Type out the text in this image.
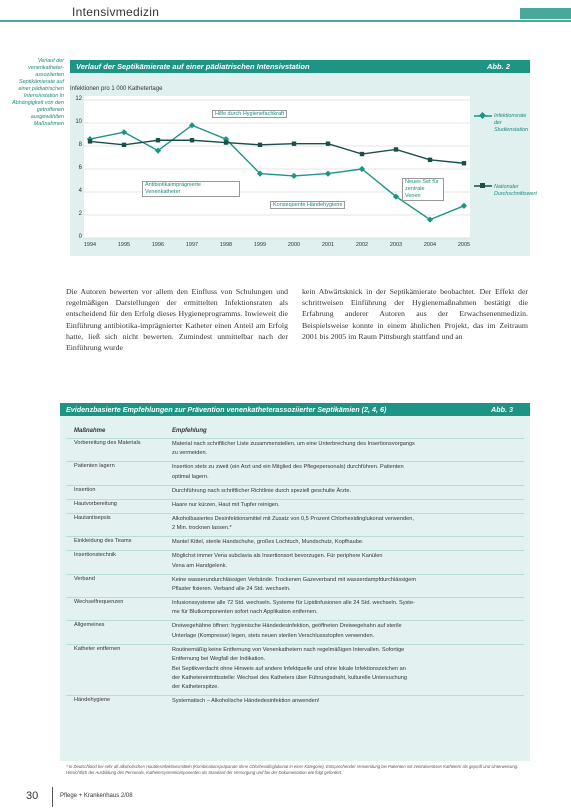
Intensivmedizin
Verlauf der venenkatheter-assoziierten Septikämierate auf einer pädiatrischen Intensivstation in Abhängigkeit von den getroffenen ausgewählten Maßnahmen
Verlauf der Septikämierate auf einer pädiatrischen Intensivstation	Abb. 2
Infektionen pro 1 000 Kathetertage
0
2
4
6
8
10
12
1994	1995	1996	1997	1998	1999	2000	2001	2002	2003	2004	2005
Hilfe durch Hygienefachkraft
Antibiotikaimprägnierte Venenkatheter
Neues Set für zentrale Venen
Konsequente Händehygiene
Infektionsrate der Studienstation
Nationaler Durchschnittswert
Die Autoren bewerten vor allem den Einfluss von Schulungen und regelmäßigen Darstellungen der ermittelten Infektionsraten als entscheidend für den Erfolg dieses Hygieneprogramms. Inwieweit die Einführung antibiotika-imprägnierter Katheter einen Anteil am Erfolg hatte, ließ sich nicht bewerten. Zumindest unmittelbar nach der Einführung wurde
kein Abwärtsknick in der Septikämierate beobachtet. Der Effekt der schrittweisen Einführung der Hygienemaßnahmen bestätigt die Erfahrung anderer Autoren aus der Erwachsenenmedizin. Beispielsweise konnte in einem ähnlichen Projekt, das im Zeitraum 2001 bis 2005 im Raum Pittsburgh stattfand und an
Evidenzbasierte Empfehlungen zur Prävention venenkatheterassoziierter Septikämien (2, 4, 6)	Abb. 3
Maßnahme	Empfehlung
Vorbereitung des Materials	Material nach schriftlicher Liste zusammenstellen, um eine Unterbrechung des Insertionsvorgangs
zu vermeiden.
Patienten lagern	Insertion stets zu zweit (ein Arzt und ein Mitglied des Pflegepersonals) durchführen. Patienten
optimal lagern.
Insertion	Durchführung nach schriftlicher Richtlinie durch speziell geschulte Ärzte.
Hautvorbereitung	Haare nur kürzen, Haut mit Tupfer reinigen.
Hautantisepsis	Alkoholbasiertes Desinfektionsmittel mit Zusatz von 0,5 Prozent Chlorhexidinglukonat verwenden,
2 Min. trocknen lassen.*
Einkleidung des Teams	Mantel Kittel, sterile Handschuhe, großes Lochtuch, Mundschutz, Kopfhaube.
Insertionstechnik	Möglichst immer Vena subclavia als Insertionsort bevorzugen. Für periphere Kanülen
Vena am Handgelenk.
Verband	Keine wasserundurchlässigen Verbände. Trockenen Gazeverband mit wasserdampfdurchlässigem
Pflaster fixieren. Verband alle 24 Std. wechseln.
Wechselfrequenzen	Infusionssysteme alle 72 Std. wechseln. Systeme für Lipidinfusionen alle 24 Std. wechseln. Syste-
me für Blutkomponenten sofort nach Applikation entfernen.
Allgemeines	Dreiwegehähne öffnen: hygienische Händedesinfektion, geöffneten Dreiwegehahn auf sterile
Unterlage (Kompresse) legen, stets neuen sterilen Verschlussstopfen verwenden.
Katheter entfernen	Routinemäßig keine Entfernung von Venenkathetern nach regelmäßigen Intervallen. Sofortige
Entfernung bei Wegfall der Indikation.
Bei Septikverdacht ohne Hinweis auf andere Infektquelle und ohne lokale Infektionszeichen an
der Kathetereintrittsstelle: Wechsel des Katheters über Führungsdraht, kulturelle Untersuchung
der Katheterspitze.
Händehygiene	Systematisch – Alkoholische Händedesinfektion anwenden!
* In Deutschland bei sehr alt alkoholischen Hautdesinfektionsmitteln (Kombinationspräparate ohne Chlorhexidinglukonat in einer Kategorie). Entsprechender Verwendung bei Patienten mit zentralvenösen Kathetern als geprüft und Unterweisung. Hinsichtlich der Ausbildung des Personals, Kathetersystemkomponenten als Standard der Versorgung und bei der Dokumentation wie folgt gefordert.
30	Pflege + Krankenhaus 2/08
